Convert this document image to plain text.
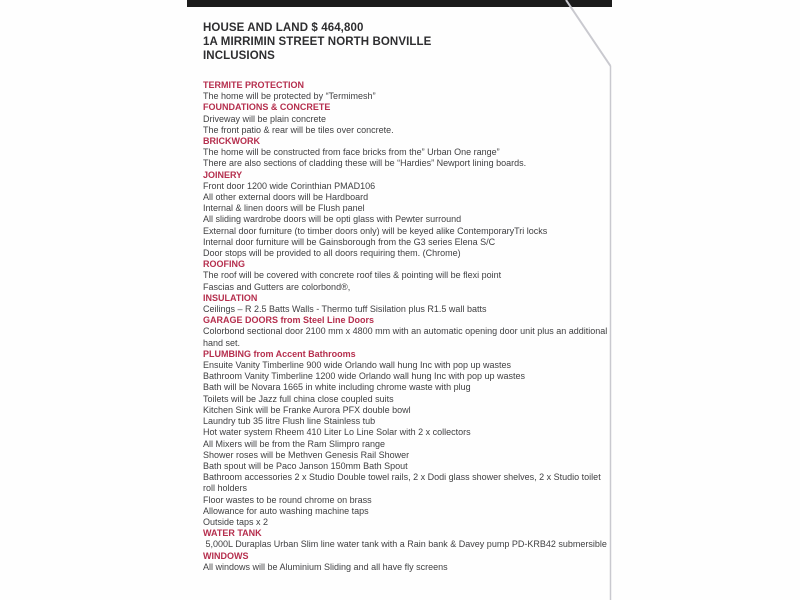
HOUSE AND LAND $ 464,800
1A MIRRIMIN STREET NORTH BONVILLE
INCLUSIONS
TERMITE PROTECTION
The home will be protected by “Termimesh”
FOUNDATIONS & CONCRETE
Driveway will be plain concrete
The front patio & rear will be tiles over concrete.
BRICKWORK
The home will be constructed from face bricks from the” Urban One range”
There are also sections of cladding these will be “Hardies” Newport lining boards.
JOINERY
Front door 1200 wide Corinthian PMAD106
All other external doors will be Hardboard
Internal & linen doors will be Flush panel
All sliding wardrobe doors will be opti glass with Pewter surround
External door furniture (to timber doors only) will be keyed alike ContemporaryTri locks
Internal door furniture will be Gainsborough from the G3 series Elena S/C
Door stops will be provided to all doors requiring them. (Chrome)
ROOFING
The roof will be covered with concrete roof tiles & pointing will be flexi point
Fascias and Gutters are colorbond®,
INSULATION
Ceilings – R 2.5 Batts Walls - Thermo tuff Sisilation plus R1.5 wall batts
GARAGE DOORS from Steel Line Doors
Colorbond sectional door 2100 mm x 4800 mm with an automatic opening door unit plus an additional
hand set.
PLUMBING from Accent Bathrooms
Ensuite Vanity Timberline 900 wide Orlando wall hung Inc with pop up wastes
Bathroom Vanity Timberline 1200 wide Orlando wall hung Inc with pop up wastes
Bath will be Novara 1665 in white including chrome waste with plug
Toilets will be Jazz full china close coupled suits
Kitchen Sink will be Franke Aurora PFX double bowl
Laundry tub 35 litre Flush line Stainless tub
Hot water system Rheem 410 Liter Lo Line Solar with 2 x collectors
All Mixers will be from the Ram Slimpro range
Shower roses will be Methven Genesis Rail Shower
Bath spout will be Paco Janson 150mm Bath Spout
Bathroom accessories 2 x Studio Double towel rails, 2 x Dodi glass shower shelves, 2 x Studio toilet
roll holders
Floor wastes to be round chrome on brass
Allowance for auto washing machine taps
Outside taps x 2
WATER TANK
5,000L Duraplas Urban Slim line water tank with a Rain bank & Davey pump PD-KRB42 submersible
WINDOWS
All windows will be Aluminium Sliding and all have fly screens
